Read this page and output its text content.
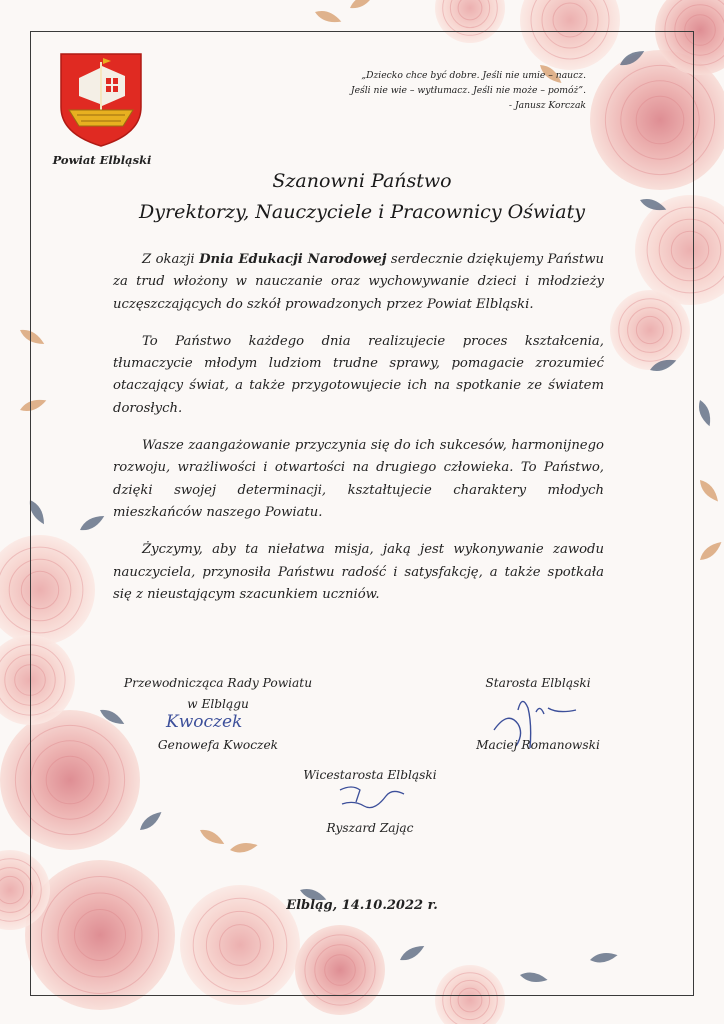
Powiat Elbląski
„Dziecko chce być dobre. Jeśli nie umie – naucz.
Jeśli nie wie – wytłumacz. Jeśli nie może – pomóż”.
- Janusz Korczak
Szanowni Państwo
Dyrektorzy, Nauczyciele i Pracownicy Oświaty

Z okazji Dnia Edukacji Narodowej serdecznie dziękujemy Państwu za trud włożony w nauczanie oraz wychowywanie dzieci i młodzieży uczęszczających do szkół prowadzonych przez Powiat Elbląski.

To Państwo każdego dnia realizujecie proces kształcenia, tłumaczycie młodym ludziom trudne sprawy, pomagacie zrozumieć otaczający świat, a także przygotowujecie ich na spotkanie ze światem dorosłych.

Wasze zaangażowanie przyczynia się do ich sukcesów, harmonijnego rozwoju, wrażliwości i otwartości na drugiego człowieka. To Państwo, dzięki swojej determinacji, kształtujecie charaktery młodych mieszkańców naszego Powiatu.

Życzymy, aby ta niełatwa misja, jaką jest wykonywanie zawodu nauczyciela, przynosiła Państwu radość i satysfakcję, a także spotkała się z nieustającym szacunkiem uczniów.

Przewodnicząca Rady Powiatu
w Elblągu
Kwoczek
Genowefa Kwoczek
Starosta Elbląski
Maciej Romanowski
Wicestarosta Elbląski
Ryszard Zając
Elbląg, 14.10.2022 r.
